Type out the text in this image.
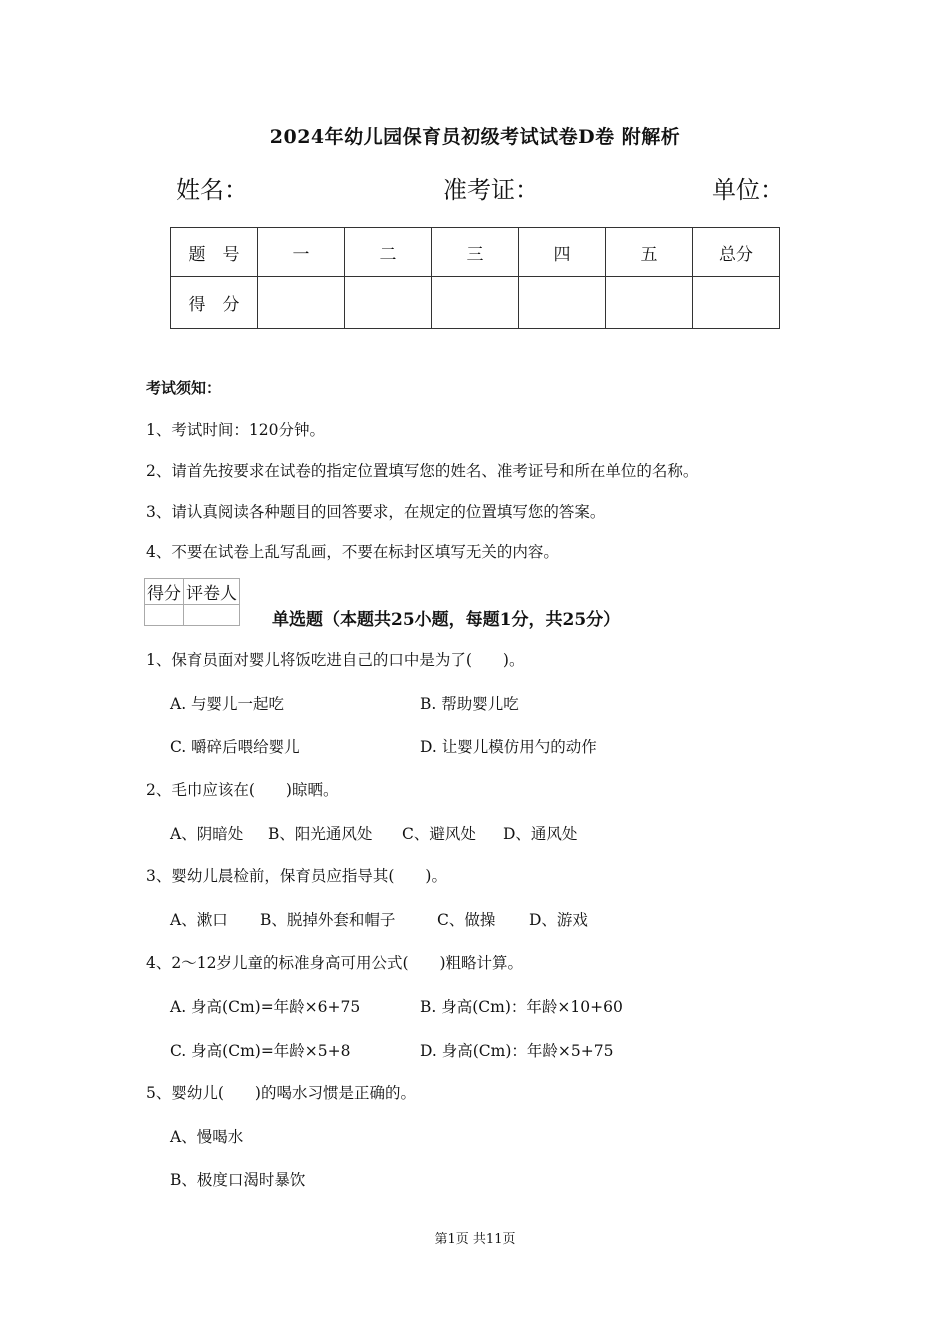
2024年幼儿园保育员初级考试试卷D卷 附解析
姓名：	准考证：	单位：
题　号	一	二	三	四	五	总分
得　分						
考试须知：
1、考试时间：120分钟。
2、请首先按要求在试卷的指定位置填写您的姓名、准考证号和所在单位的名称。
3、请认真阅读各种题目的回答要求，在规定的位置填写您的答案。
4、不要在试卷上乱写乱画，不要在标封区填写无关的内容。
得分	评卷人

单选题（本题共25小题，每题1分，共25分）
1、保育员面对婴儿将饭吃进自己的口中是为了(　　)。
A. 与婴儿一起吃	B. 帮助婴儿吃
C. 嚼碎后喂给婴儿	D. 让婴儿模仿用勺的动作
2、毛巾应该在(　　)晾晒。
A、阴暗处 B、阳光通风处 C、避风处 D、通风处
3、婴幼儿晨检前，保育员应指导其(　　)。
A、漱口 B、脱掉外套和帽子	C、做操 D、游戏
4、2～12岁儿童的标准身高可用公式(　　)粗略计算。
A. 身高(Cm)=年龄×6+75	B. 身高(Cm)：年龄×10+60
C. 身高(Cm)=年龄×5+8	D. 身高(Cm)：年龄×5+75
5、婴幼儿(　　)的喝水习惯是正确的。
A、慢喝水
B、极度口渴时暴饮
第1页 共11页
